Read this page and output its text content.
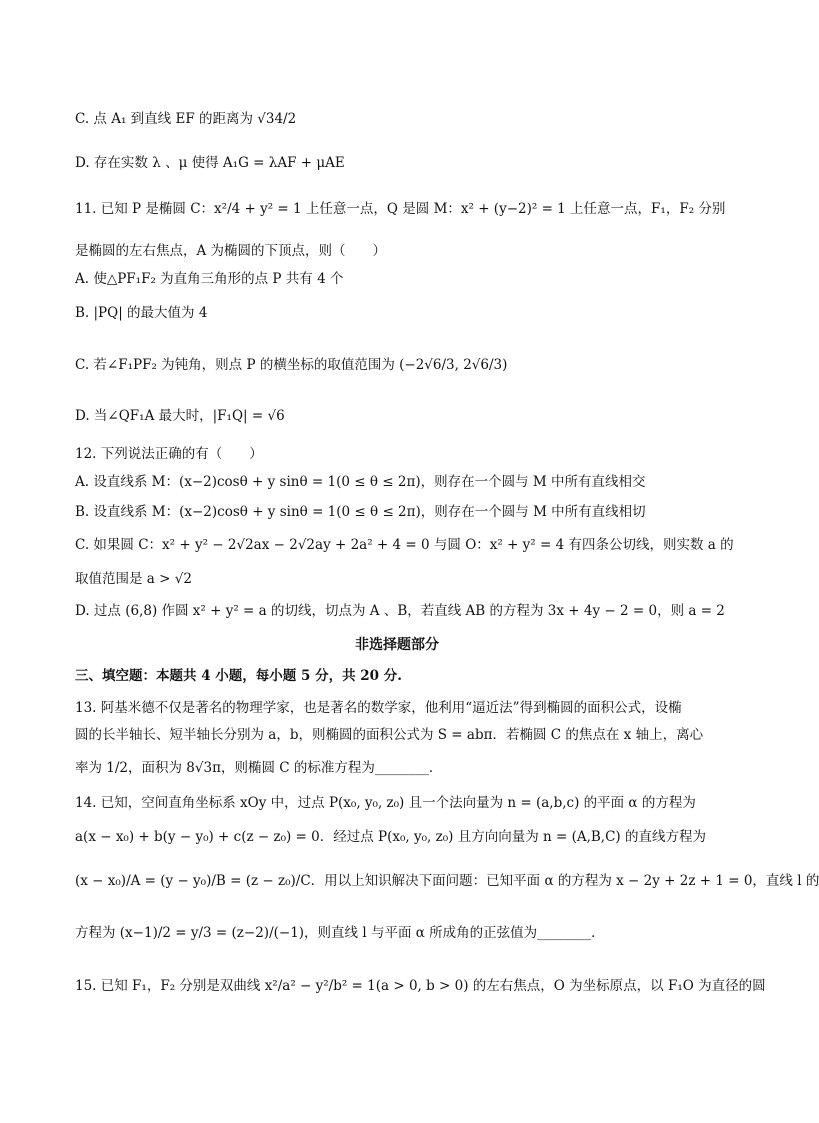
C. 点 A₁ 到直线 EF 的距离为 √34/2
D. 存在实数 λ 、μ 使得 A₁G = λAF + μAE
11. 已知 P 是椭圆 C：x²/4 + y² = 1 上任意一点，Q 是圆 M：x² + (y−2)² = 1 上任意一点，F₁，F₂ 分别
是椭圆的左右焦点，A 为椭圆的下顶点，则（　　）
A. 使△PF₁F₂ 为直角三角形的点 P 共有 4 个
B. |PQ| 的最大值为 4
C. 若∠F₁PF₂ 为钝角，则点 P 的横坐标的取值范围为 (−2√6/3, 2√6/3)
D. 当∠QF₁A 最大时，|F₁Q| = √6
12. 下列说法正确的有（　　）
A. 设直线系 M：(x−2)cosθ + y sinθ = 1(0 ≤ θ ≤ 2π)，则存在一个圆与 M 中所有直线相交
B. 设直线系 M：(x−2)cosθ + y sinθ = 1(0 ≤ θ ≤ 2π)，则存在一个圆与 M 中所有直线相切
C. 如果圆 C：x² + y² − 2√2ax − 2√2ay + 2a² + 4 = 0 与圆 O：x² + y² = 4 有四条公切线，则实数 a 的
取值范围是 a > √2
D. 过点 (6,8) 作圆 x² + y² = a 的切线，切点为 A 、B，若直线 AB 的方程为 3x + 4y − 2 = 0，则 a = 2
非选择题部分
三、填空题：本题共 4 小题，每小题 5 分，共 20 分.
13. 阿基米德不仅是著名的物理学家，也是著名的数学家，他利用“逼近法”得到椭圆的面积公式，设椭
圆的长半轴长、短半轴长分别为 a，b，则椭圆的面积公式为 S = abπ．若椭圆 C 的焦点在 x 轴上，离心
率为 1/2，面积为 8√3π，则椭圆 C 的标准方程为________．
14. 已知，空间直角坐标系 xOy 中，过点 P(x₀, y₀, z₀) 且一个法向量为 n = (a,b,c) 的平面 α 的方程为
a(x − x₀) + b(y − y₀) + c(z − z₀) = 0．经过点 P(x₀, y₀, z₀) 且方向向量为 n = (A,B,C) 的直线方程为
(x − x₀)/A = (y − y₀)/B = (z − z₀)/C．用以上知识解决下面问题：已知平面 α 的方程为 x − 2y + 2z + 1 = 0，直线 l 的
方程为 (x−1)/2 = y/3 = (z−2)/(−1)，则直线 l 与平面 α 所成角的正弦值为________．
15. 已知 F₁，F₂ 分别是双曲线 x²/a² − y²/b² = 1(a > 0, b > 0) 的左右焦点，O 为坐标原点，以 F₁O 为直径的圆
